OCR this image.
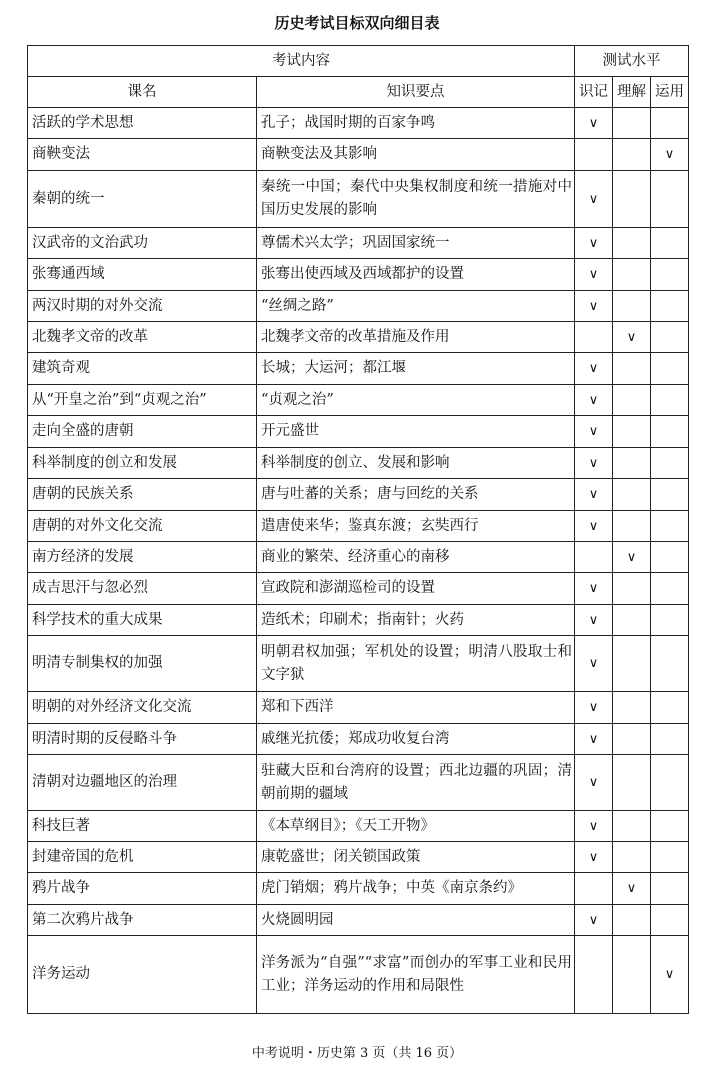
历史考试目标双向细目表
考试内容		测试水平		
课名	知识要点	识记	理解	运用
活跃的学术思想	孔子；战国时期的百家争鸣	∨		
商鞅变法	商鞅变法及其影响			∨
秦朝的统一	秦统一中国；秦代中央集权制度和统一措施对中国历史发展的影响	∨		
汉武帝的文治武功	尊儒术兴太学；巩固国家统一	∨		
张骞通西域	张骞出使西域及西域都护的设置	∨		
两汉时期的对外交流	“丝绸之路”	∨		
北魏孝文帝的改革	北魏孝文帝的改革措施及作用		∨	
建筑奇观	长城；大运河；都江堰	∨		
从“开皇之治”到“贞观之治”	“贞观之治”	∨		
走向全盛的唐朝	开元盛世	∨		
科举制度的创立和发展	科举制度的创立、发展和影响	∨		
唐朝的民族关系	唐与吐蕃的关系；唐与回纥的关系	∨		
唐朝的对外文化交流	遣唐使来华；鉴真东渡；玄奘西行	∨		
南方经济的发展	商业的繁荣、经济重心的南移		∨	
成吉思汗与忽必烈	宣政院和澎湖巡检司的设置	∨		
科学技术的重大成果	造纸术；印刷术；指南针；火药	∨		
明清专制集权的加强	明朝君权加强；军机处的设置；明清八股取士和文字狱	∨		
明朝的对外经济文化交流	郑和下西洋	∨		
明清时期的反侵略斗争	戚继光抗倭；郑成功收复台湾	∨		
清朝对边疆地区的治理	驻藏大臣和台湾府的设置；西北边疆的巩固；清朝前期的疆域	∨		
科技巨著	《本草纲目》；《天工开物》	∨		
封建帝国的危机	康乾盛世；闭关锁国政策	∨		
鸦片战争	虎门销烟；鸦片战争；中英《南京条约》		∨	
第二次鸦片战争	火烧圆明园	∨		
洋务运动	洋务派为“自强”“求富”而创办的军事工业和民用工业；洋务运动的作用和局限性			∨
中考说明・历史第 3 页（共 16 页）
